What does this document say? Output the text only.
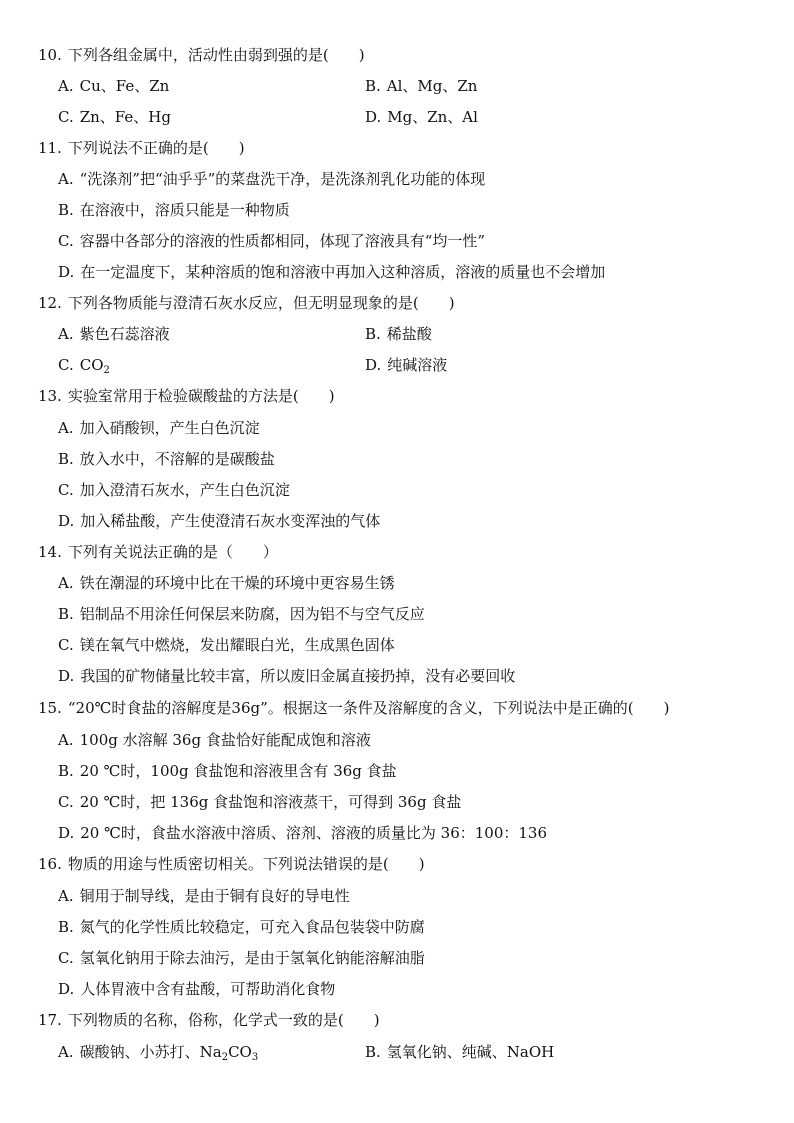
10. 下列各组金属中，活动性由弱到强的是(　　)
A. Cu、Fe、Zn	B. Al、Mg、Zn
C. Zn、Fe、Hg	D. Mg、Zn、Al
11. 下列说法不正确的是(　　)
A. “洗涤剂”把“油乎乎”的菜盘洗干净，是洗涤剂乳化功能的体现
B. 在溶液中，溶质只能是一种物质
C. 容器中各部分的溶液的性质都相同，体现了溶液具有“均一性”
D. 在一定温度下，某种溶质的饱和溶液中再加入这种溶质，溶液的质量也不会增加
12. 下列各物质能与澄清石灰水反应，但无明显现象的是(　　)
A. 紫色石蕊溶液	B. 稀盐酸
C. $CO_2$	D. 纯碱溶液
13. 实验室常用于检验碳酸盐的方法是(　　)
A. 加入硝酸钡，产生白色沉淀
B. 放入水中，不溶解的是碳酸盐
C. 加入澄清石灰水，产生白色沉淀
D. 加入稀盐酸，产生使澄清石灰水变浑浊的气体
14. 下列有关说法正确的是（　　）
A. 铁在潮湿的环境中比在干燥的环境中更容易生锈
B. 铝制品不用涂任何保层来防腐，因为铝不与空气反应
C. 镁在氧气中燃烧，发出耀眼白光，生成黑色固体
D. 我国的矿物储量比较丰富，所以废旧金属直接扔掉，没有必要回收
15. “20℃时食盐的溶解度是36g”。根据这一条件及溶解度的含义，下列说法中是正确的(　　)
A. 100g 水溶解 36g 食盐恰好能配成饱和溶液
B. 20 ℃时，100g 食盐饱和溶液里含有 36g 食盐
C. 20 ℃时，把 136g 食盐饱和溶液蒸干，可得到 36g 食盐
D. 20 ℃时，食盐水溶液中溶质、溶剂、溶液的质量比为 36：100：136
16. 物质的用途与性质密切相关。下列说法错误的是(　　)
A. 铜用于制导线，是由于铜有良好的导电性
B. 氮气的化学性质比较稳定，可充入食品包装袋中防腐
C. 氢氧化钠用于除去油污，是由于氢氧化钠能溶解油脂
D. 人体胃液中含有盐酸，可帮助消化食物
17. 下列物质的名称，俗称，化学式一致的是(　　)
A. 碳酸钠、小苏打、$Na_2CO_3$	B. 氢氧化钠、纯碱、NaOH
